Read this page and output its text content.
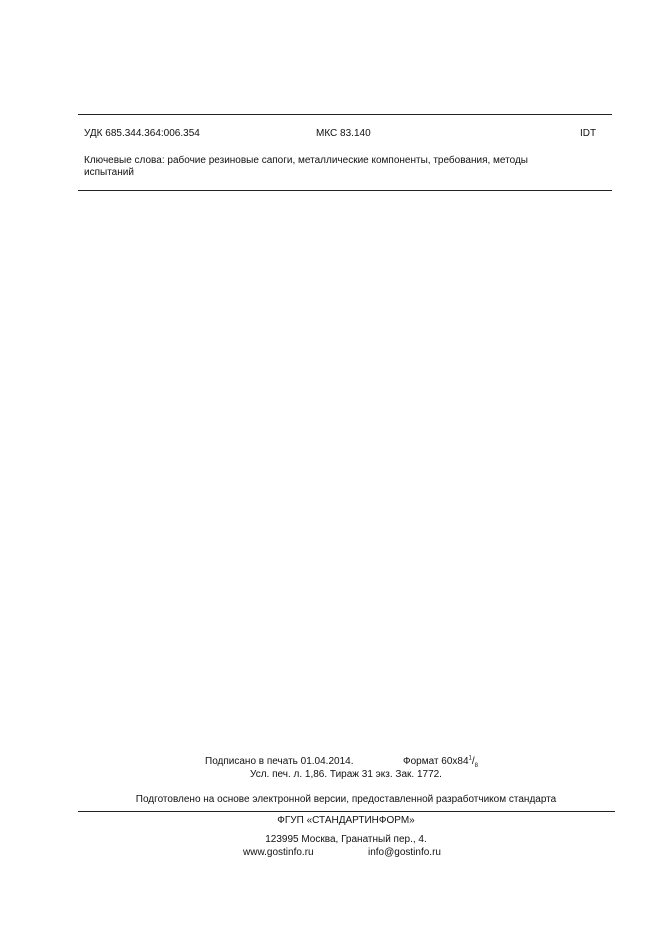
УДК 685.344.364:006.354	МКС 83.140	IDT
Ключевые слова: рабочие резиновые сапоги, металлические компоненты, требования, методы
испытаний
Подписано в печать 01.04.2014.	Формат $60х84^1/_8$
Усл. печ. л. 1,86. Тираж 31 экз. Зак. 1772.
Подготовлено на основе электронной версии, предоставленной разработчиком стандарта
ФГУП «СТАНДАРТИНФОРМ»
123995 Москва, Гранатный пер., 4.
www.gostinfo.ru	info@gostinfo.ru
